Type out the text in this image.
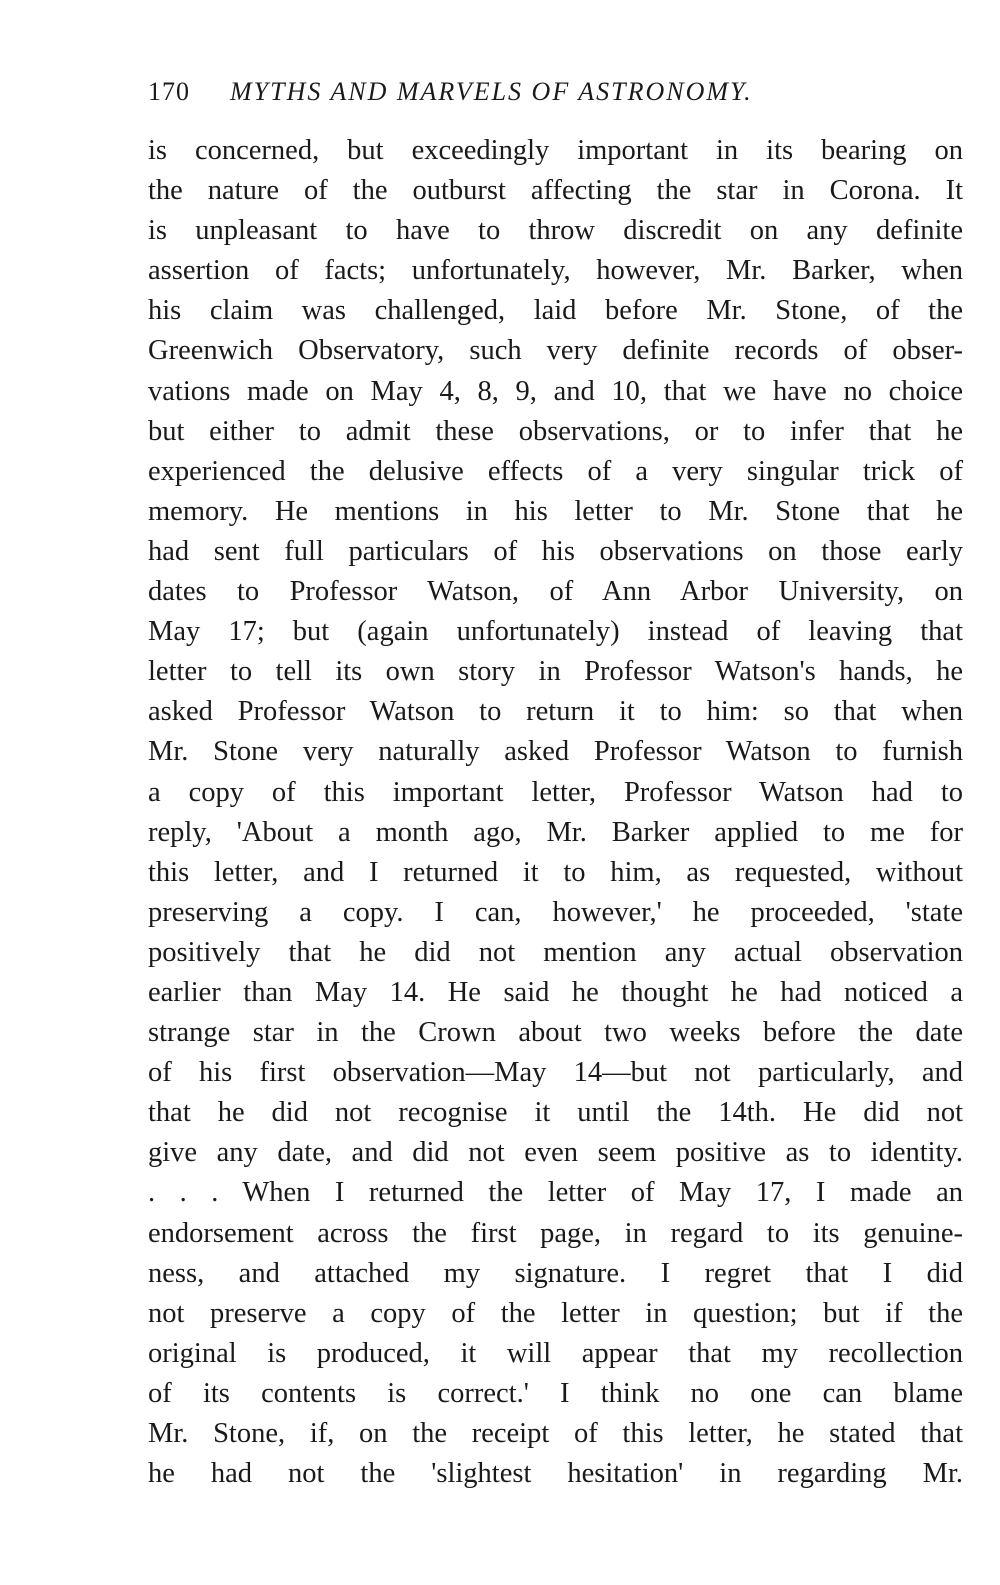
170 MYTHS AND MARVELS OF ASTRONOMY.
is concerned, but exceedingly important in its bearing on
the nature of the outburst affecting the star in Corona. It
is unpleasant to have to throw discredit on any definite
assertion of facts; unfortunately, however, Mr. Barker, when
his claim was challenged, laid before Mr. Stone, of the
Greenwich Observatory, such very definite records of obser-
vations made on May 4, 8, 9, and 10, that we have no choice
but either to admit these observations, or to infer that he
experienced the delusive effects of a very singular trick of
memory. He mentions in his letter to Mr. Stone that he
had sent full particulars of his observations on those early
dates to Professor Watson, of Ann Arbor University, on
May 17; but (again unfortunately) instead of leaving that
letter to tell its own story in Professor Watson's hands, he
asked Professor Watson to return it to him: so that when
Mr. Stone very naturally asked Professor Watson to furnish
a copy of this important letter, Professor Watson had to
reply, 'About a month ago, Mr. Barker applied to me for
this letter, and I returned it to him, as requested, without
preserving a copy. I can, however,' he proceeded, 'state
positively that he did not mention any actual observation
earlier than May 14. He said he thought he had noticed a
strange star in the Crown about two weeks before the date
of his first observation—May 14—but not particularly, and
that he did not recognise it until the 14th. He did not
give any date, and did not even seem positive as to identity.
. . . When I returned the letter of May 17, I made an
endorsement across the first page, in regard to its genuine-
ness, and attached my signature. I regret that I did
not preserve a copy of the letter in question; but if the
original is produced, it will appear that my recollection
of its contents is correct.' I think no one can blame
Mr. Stone, if, on the receipt of this letter, he stated that
he had not the 'slightest hesitation' in regarding Mr.
